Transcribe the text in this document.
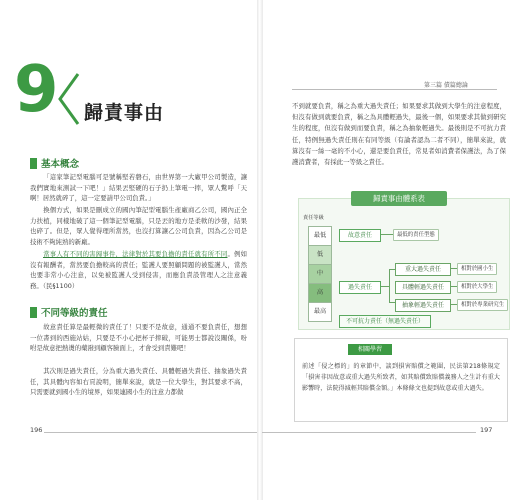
9 歸責事由
基本概念
「這家筆記型電腦可是號稱堅若磐石，由世界第一大廠甲公司製造，讓我們實地來測試一下吧！」結果丟堅硬的石子扔上筆電一摔，眾人驚呼「天啊！居然就碎了，這一定要請甲公司負責。」
換個方式，如果是刪成立的國內筆記型電腦生產廠商乙公司，國內正全力扶植，同樣地破了這一個筆記型電腦，只是丟的地方是柔軟的沙發，結果也碎了。但是，眾人覺得理所當然，也沒打算讓乙公司負責，因為乙公司是技術不夠純熟的新廠。
當事人有不同的害歸事件，法律對於其要負擔的責任就有所不同。例如沒有報酬者，當然要負擔較高的責任；監護人要照顧問題的被監護人，當然也要非常小心注意，以免被監護人受到侵害，而應負責設管理人之注意義務。（民§1100）
不同等級的責任
故意責任算是最輕微的責任了！只要不是故意，通通不要負責任，想想一位書到的西施站姑，只要是不小心把杯子摔破，可能男士都說沒關係，吩咐是故意把熱燙的藥潑到顧客臉面上，才會受到責難吧！
其次則是過失責任，分為重大過失責任、具體輕過失責任、抽象過失責任，其具體內容如右頁說明，簡單來說，就是一位大學生，對其要求不高，只需要就到國小生的境界，如果連國小生的注意力都做
196
第三篇 債篇總論
不到就要負責，稱之為重大過失責任；如果要求其做到大學生的注意程度，但沒有做到就要負責，稱之為具體輕過失，最後一個，如果要求其做到研究生的程度，但沒有做到而要負責，稱之為抽象輕過失。最後則是不可抗力責任，特例無過失責任則在有同等級（有論者認為二者不同），簡單來說，就算沒有一絲一毫的不小心，還是要負責任，常見者如消費者保護法，為了保護消費者，有採此一等級之責任。
歸責事由體系表
責任等級
最低
低
中
高
最高
故意責任	最低的責任型態
過失責任
重大過失責任	相對於國小生
具體輕過失責任	相對於大學生
抽象輕過失責任	相對於專業研究生
不可抗力責任（無過失責任）
相關學習
前述「侵之標的」的章節中，談到損害賠償之範圍，民法第218條規定「損害非因故意或重大過失所致者，如其賠償致賠償義務人之生計有重大影響時，法院得減輕其賠償金額。」本條條文也提到故意或重大過失。
197
